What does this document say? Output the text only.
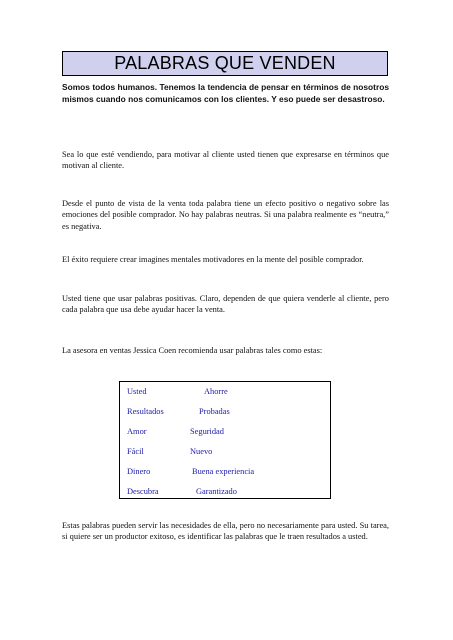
PALABRAS QUE VENDEN
Somos todos humanos. Tenemos la tendencia de pensar en términos de nosotros mismos cuando nos comunicamos con los clientes. Y eso puede ser desastroso.
Sea lo que esté vendiendo, para motivar al cliente usted tienen que expresarse en términos que motivan al cliente.
Desde el punto de vista de la venta toda palabra tiene un efecto positivo o negativo sobre las emociones del posible comprador. No hay palabras neutras. Si una palabra realmente es “neutra,” es negativa.
El éxito requiere crear imagines mentales motivadores en la mente del posible comprador.
Usted tiene que usar palabras positivas. Claro, dependen de que quiera venderle al cliente, pero cada palabra que usa debe ayudar hacer la venta.
La asesora en ventas Jessica Coen recomienda usar palabras tales como estas:
Usted	Ahorre
Resultados	Probadas
Amor	Seguridad
Fácil	Nuevo
Dinero	Buena experiencia
Descubra	Garantizado
Estas palabras pueden servir las necesidades de ella, pero no necesariamente para usted. Su tarea, si quiere ser un productor exitoso, es identificar las palabras que le traen resultados a usted.
